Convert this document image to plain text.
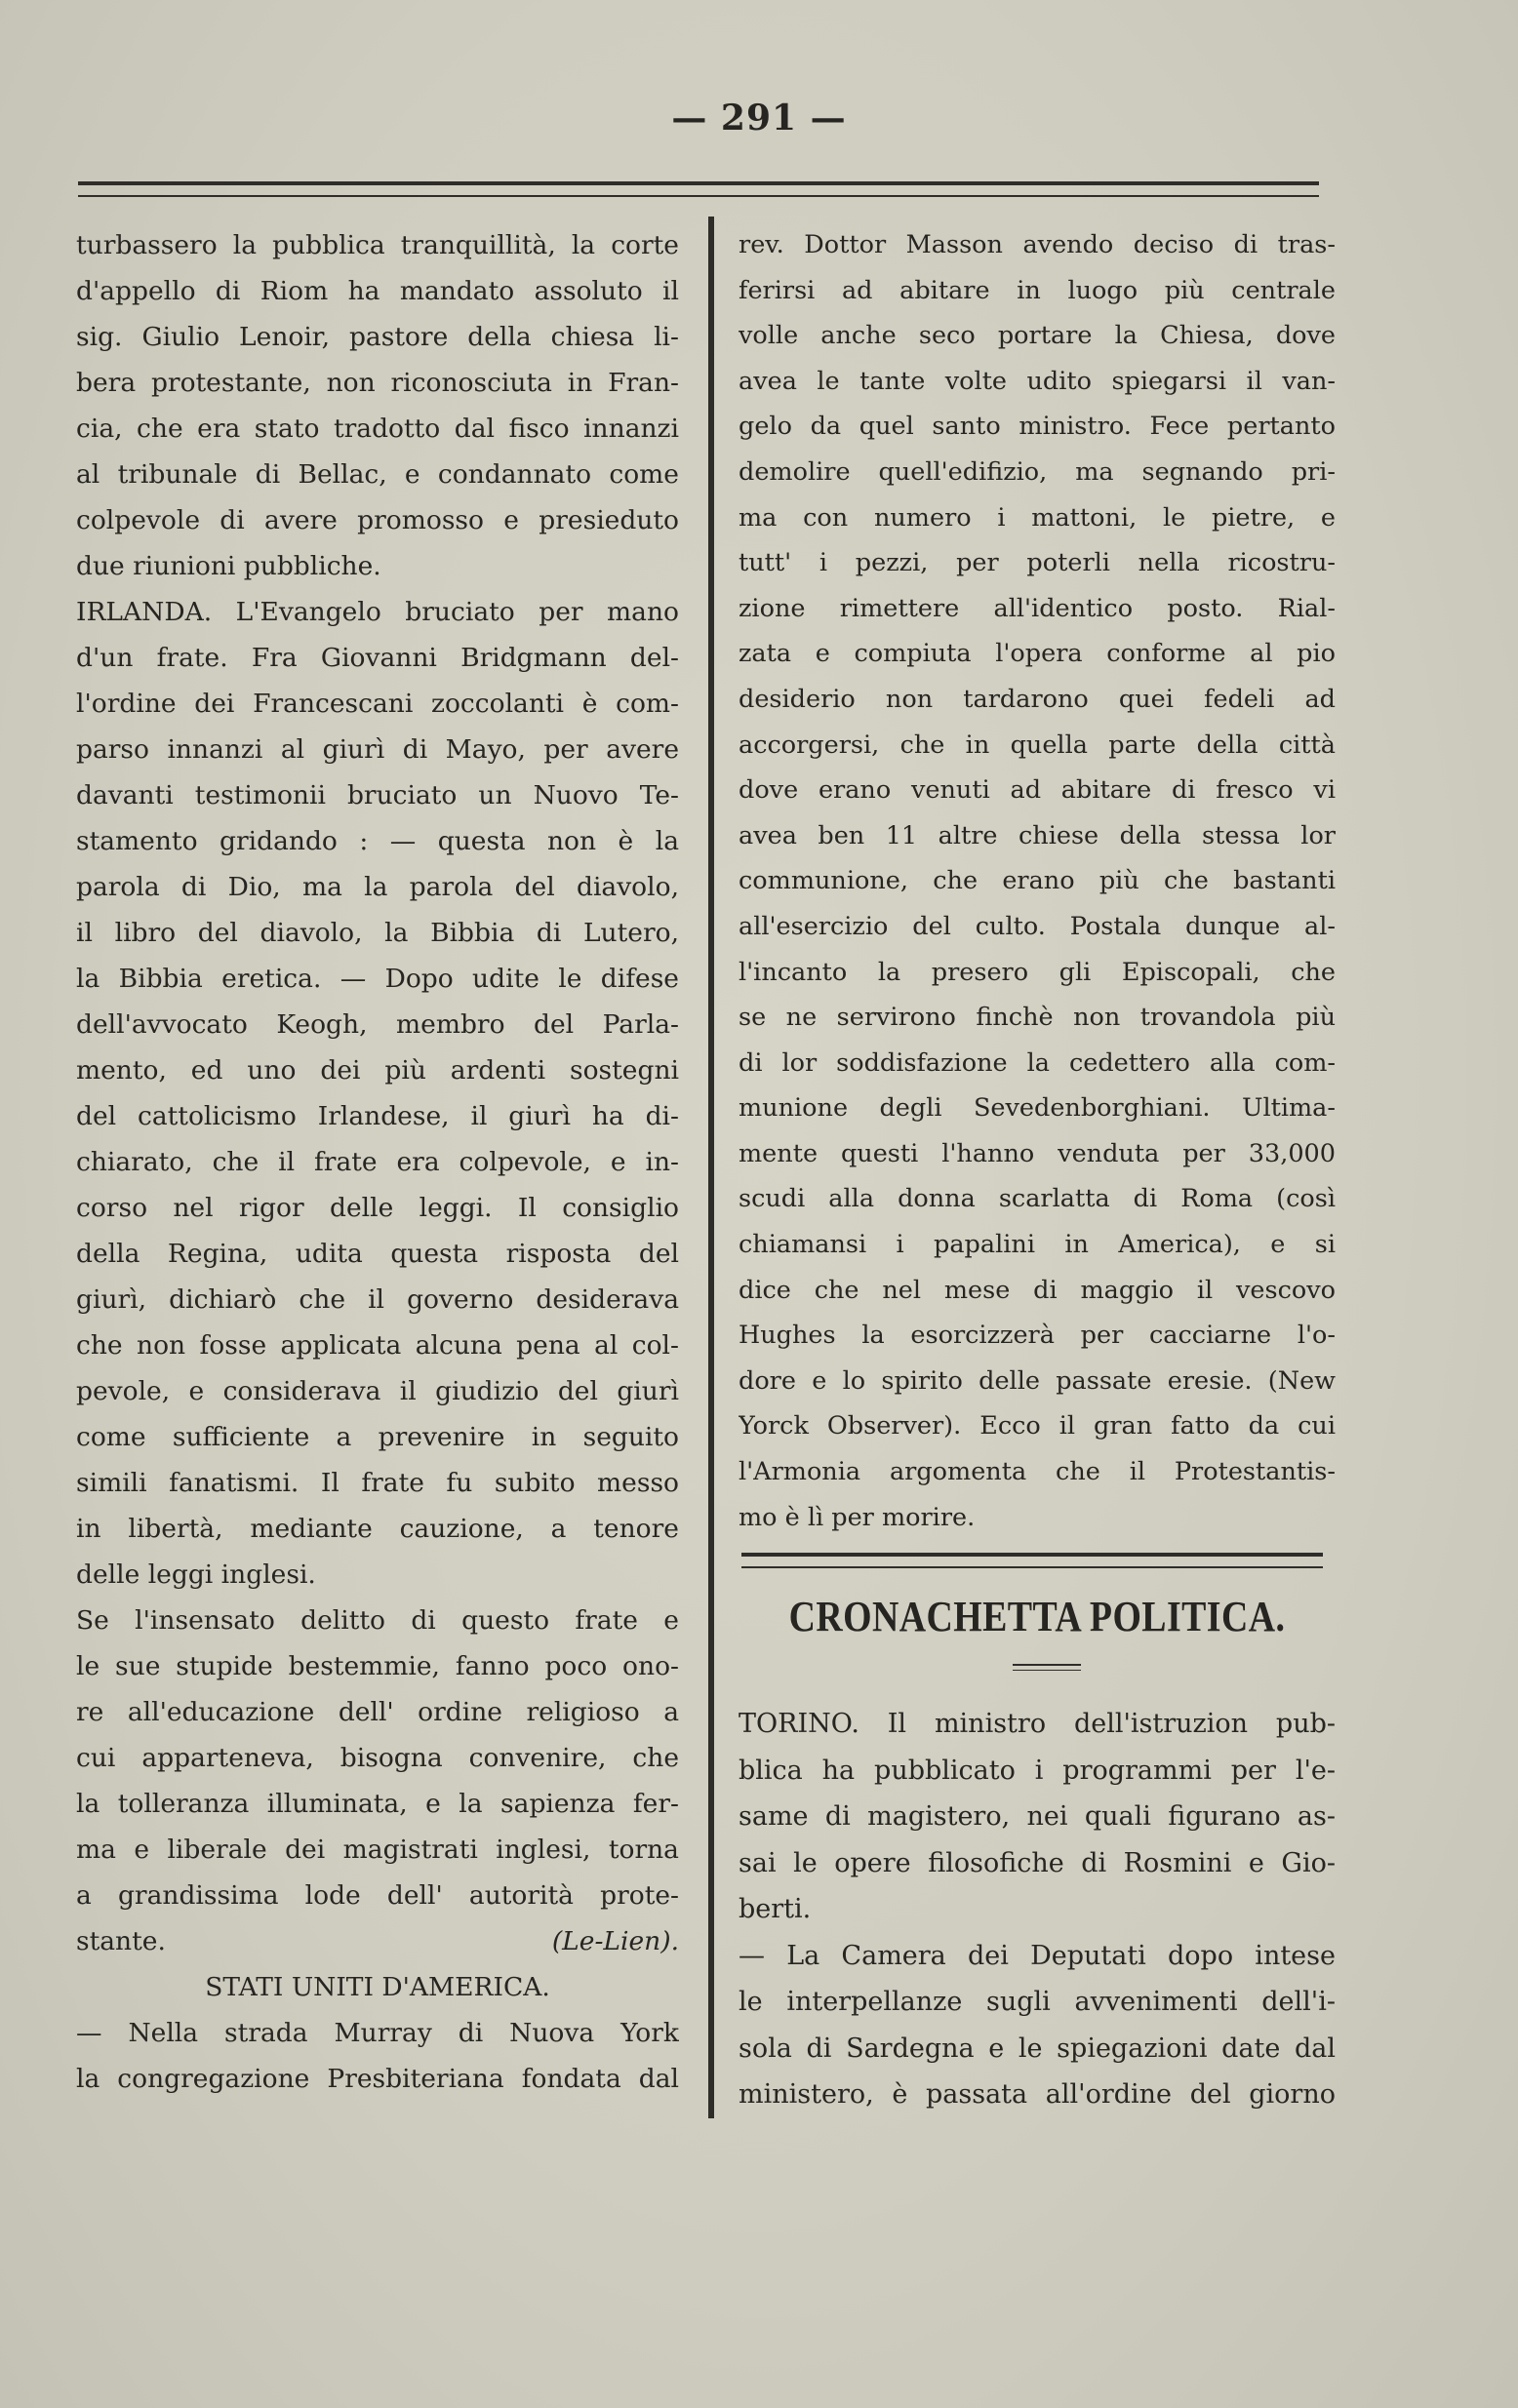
— 291 —
turbassero la pubblica tranquillità, la corte
d'appello di Riom ha mandato assoluto il
sig. Giulio Lenoir, pastore della chiesa li-
bera protestante, non riconosciuta in Fran-
cia, che era stato tradotto dal fisco innanzi
al tribunale di Bellac, e condannato come
colpevole di avere promosso e presieduto
due riunioni pubbliche.
IRLANDA. L'Evangelo bruciato per mano
d'un frate. Fra Giovanni Bridgmann del-
l'ordine dei Francescani zoccolanti è com-
parso innanzi al giurì di Mayo, per avere
davanti testimonii bruciato un Nuovo Te-
stamento gridando : — questa non è la
parola di Dio, ma la parola del diavolo,
il libro del diavolo, la Bibbia di Lutero,
la Bibbia eretica. — Dopo udite le difese
dell'avvocato Keogh, membro del Parla-
mento, ed uno dei più ardenti sostegni
del cattolicismo Irlandese, il giurì ha di-
chiarato, che il frate era colpevole, e in-
corso nel rigor delle leggi. Il consiglio
della Regina, udita questa risposta del
giurì, dichiarò che il governo desiderava
che non fosse applicata alcuna pena al col-
pevole, e considerava il giudizio del giurì
come sufficiente a prevenire in seguito
simili fanatismi. Il frate fu subito messo
in libertà, mediante cauzione, a tenore
delle leggi inglesi.
Se l'insensato delitto di questo frate e
le sue stupide bestemmie, fanno poco ono-
re all'educazione dell' ordine religioso a
cui apparteneva, bisogna convenire, che
la tolleranza illuminata, e la sapienza fer-
ma e liberale dei magistrati inglesi, torna
a grandissima lode dell' autorità prote-
stante.	(Le-Lien).
STATI UNITI D'AMERICA.
— Nella strada Murray di Nuova York
la congregazione Presbiteriana fondata dal
rev. Dottor Masson avendo deciso di tras-
ferirsi ad abitare in luogo più centrale
volle anche seco portare la Chiesa, dove
avea le tante volte udito spiegarsi il van-
gelo da quel santo ministro. Fece pertanto
demolire quell'edifizio, ma segnando pri-
ma con numero i mattoni, le pietre, e
tutt' i pezzi, per poterli nella ricostru-
zione rimettere all'identico posto. Rial-
zata e compiuta l'opera conforme al pio
desiderio non tardarono quei fedeli ad
accorgersi, che in quella parte della città
dove erano venuti ad abitare di fresco vi
avea ben 11 altre chiese della stessa lor
communione, che erano più che bastanti
all'esercizio del culto. Postala dunque al-
l'incanto la presero gli Episcopali, che
se ne servirono finchè non trovandola più
di lor soddisfazione la cedettero alla com-
munione degli Sevedenborghiani. Ultima-
mente questi l'hanno venduta per 33,000
scudi alla donna scarlatta di Roma (così
chiamansi i papalini in America), e si
dice che nel mese di maggio il vescovo
Hughes la esorcizzerà per cacciarne l'o-
dore e lo spirito delle passate eresie. (New
Yorck Observer). Ecco il gran fatto da cui
l'Armonia argomenta che il Protestantis-
mo è lì per morire.
CRONACHETTA POLITICA.
TORINO. Il ministro dell'istruzion pub-
blica ha pubblicato i programmi per l'e-
same di magistero, nei quali figurano as-
sai le opere filosofiche di Rosmini e Gio-
berti.
— La Camera dei Deputati dopo intese
le interpellanze sugli avvenimenti dell'i-
sola di Sardegna e le spiegazioni date dal
ministero, è passata all'ordine del giorno
